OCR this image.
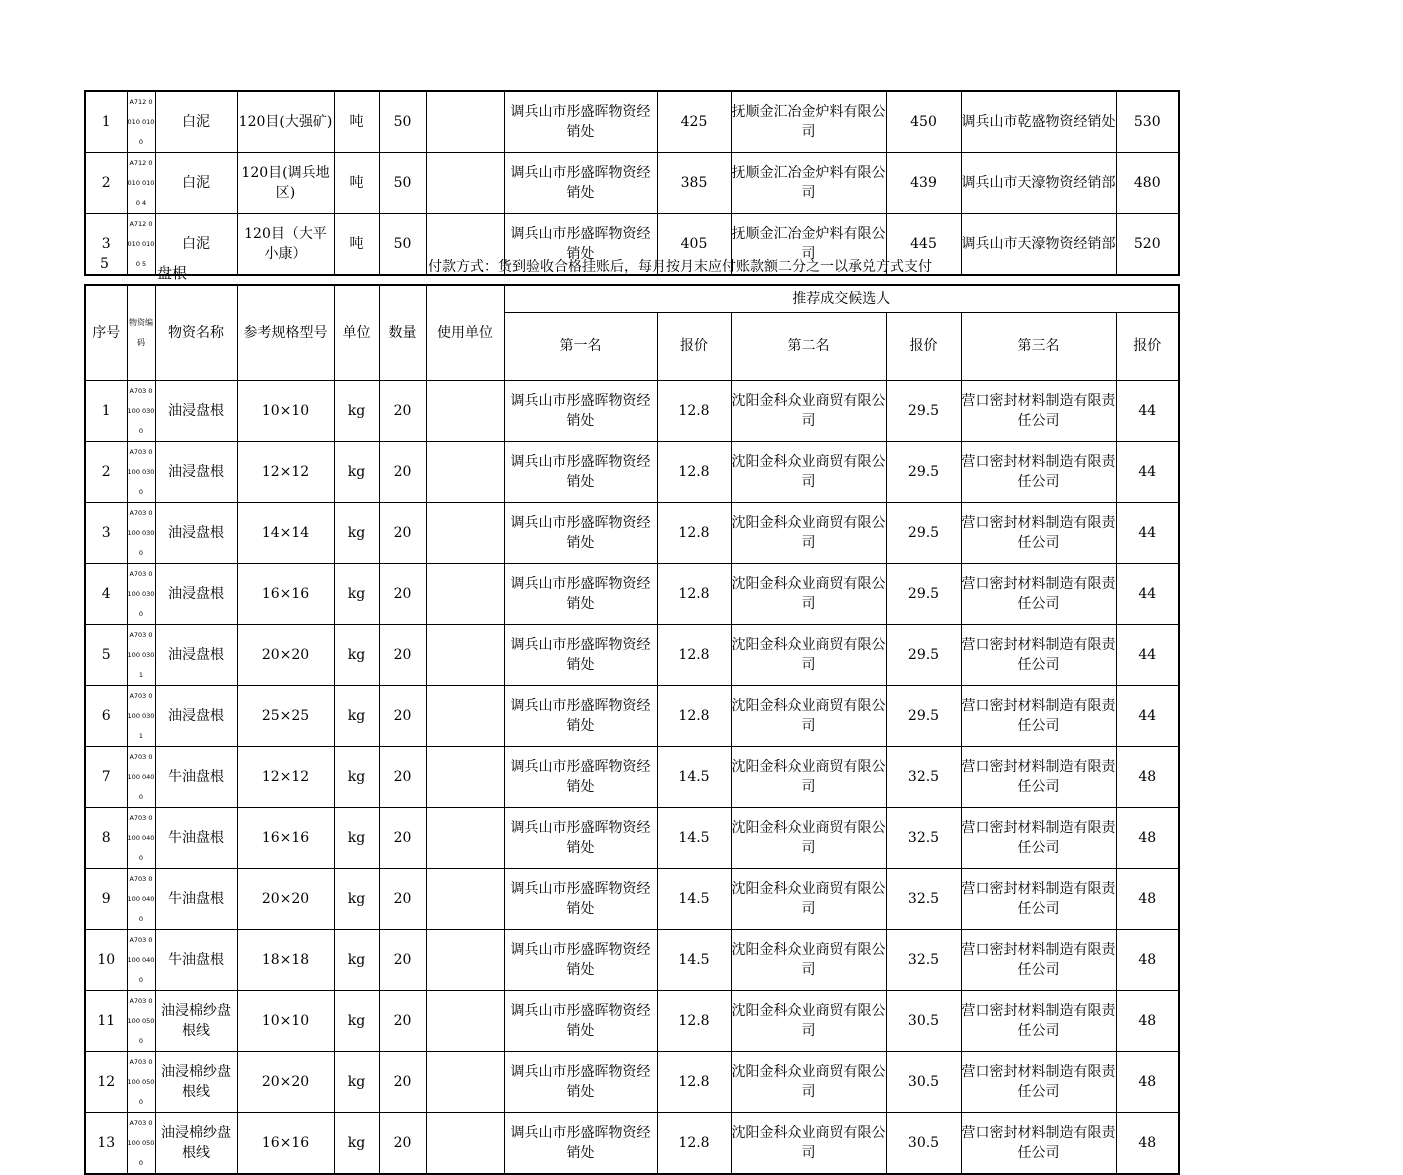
1	A712 0010 0100	白泥	120目(大强矿)	吨	50		调兵山市彤盛晖物资经销处	425	抚顺金汇冶金炉料有限公司	450	调兵山市乾盛物资经销处	530
2	A712 0010 0100 4	白泥	120目(调兵地区)	吨	50		调兵山市彤盛晖物资经销处	385	抚顺金汇冶金炉料有限公司	439	调兵山市天濠物资经销部	480
3	A712 0010 0100 5	白泥	120目（大平小康）	吨	50		调兵山市彤盛晖物资经销处	405	抚顺金汇冶金炉料有限公司	445	调兵山市天濠物资经销部	520
5	盘根	付款方式：货到验收合格挂账后，每月按月末应付账款额二分之一以承兑方式支付
序号	物资编码	物资名称	参考规格型号	单位	数量	使用单位	推荐成交候选人					
							第一名	报价	第二名	报价	第三名	报价
1	A703 0100 0300	油浸盘根	10×10	kg	20		调兵山市彤盛晖物资经销处	12.8	沈阳金科众业商贸有限公司	29.5	营口密封材料制造有限责任公司	44
2	A703 0100 0300	油浸盘根	12×12	kg	20		调兵山市彤盛晖物资经销处	12.8	沈阳金科众业商贸有限公司	29.5	营口密封材料制造有限责任公司	44
3	A703 0100 0300	油浸盘根	14×14	kg	20		调兵山市彤盛晖物资经销处	12.8	沈阳金科众业商贸有限公司	29.5	营口密封材料制造有限责任公司	44
4	A703 0100 0300	油浸盘根	16×16	kg	20		调兵山市彤盛晖物资经销处	12.8	沈阳金科众业商贸有限公司	29.5	营口密封材料制造有限责任公司	44
5	A703 0100 0301	油浸盘根	20×20	kg	20		调兵山市彤盛晖物资经销处	12.8	沈阳金科众业商贸有限公司	29.5	营口密封材料制造有限责任公司	44
6	A703 0100 0301	油浸盘根	25×25	kg	20		调兵山市彤盛晖物资经销处	12.8	沈阳金科众业商贸有限公司	29.5	营口密封材料制造有限责任公司	44
7	A703 0100 0400	牛油盘根	12×12	kg	20		调兵山市彤盛晖物资经销处	14.5	沈阳金科众业商贸有限公司	32.5	营口密封材料制造有限责任公司	48
8	A703 0100 0400	牛油盘根	16×16	kg	20		调兵山市彤盛晖物资经销处	14.5	沈阳金科众业商贸有限公司	32.5	营口密封材料制造有限责任公司	48
9	A703 0100 0400	牛油盘根	20×20	kg	20		调兵山市彤盛晖物资经销处	14.5	沈阳金科众业商贸有限公司	32.5	营口密封材料制造有限责任公司	48
10	A703 0100 0400	牛油盘根	18×18	kg	20		调兵山市彤盛晖物资经销处	14.5	沈阳金科众业商贸有限公司	32.5	营口密封材料制造有限责任公司	48
11	A703 0100 0500	油浸棉纱盘根线	10×10	kg	20		调兵山市彤盛晖物资经销处	12.8	沈阳金科众业商贸有限公司	30.5	营口密封材料制造有限责任公司	48
12	A703 0100 0500	油浸棉纱盘根线	20×20	kg	20		调兵山市彤盛晖物资经销处	12.8	沈阳金科众业商贸有限公司	30.5	营口密封材料制造有限责任公司	48
13	A703 0100 0500	油浸棉纱盘根线	16×16	kg	20		调兵山市彤盛晖物资经销处	12.8	沈阳金科众业商贸有限公司	30.5	营口密封材料制造有限责任公司	48
